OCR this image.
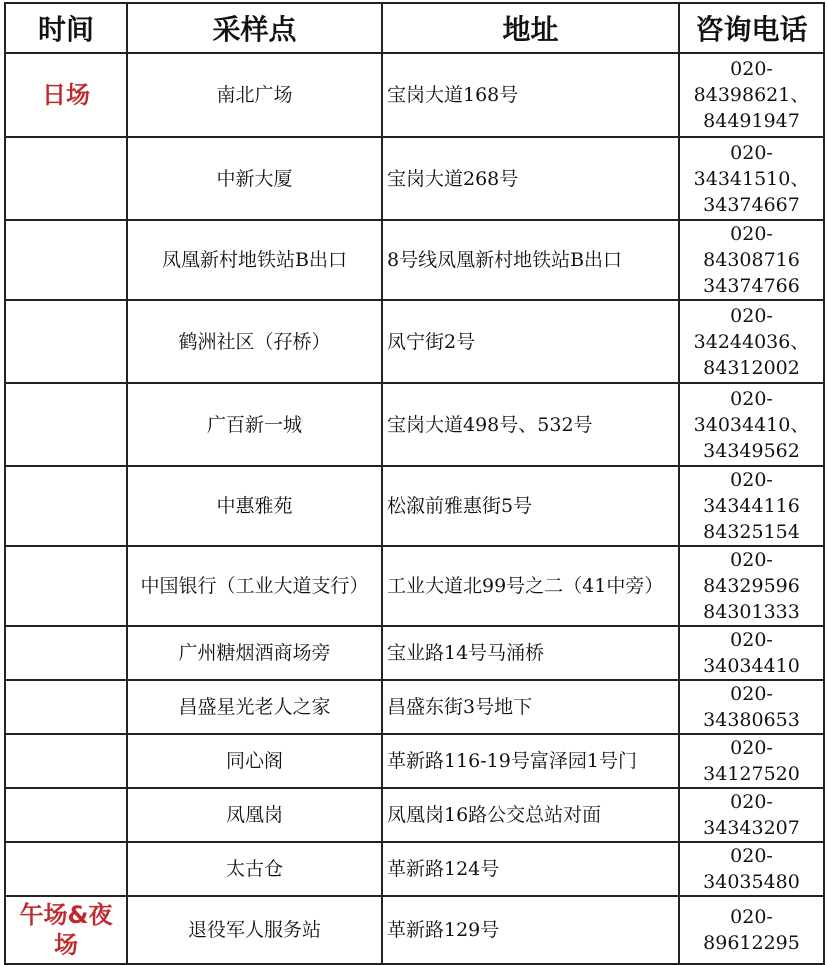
时间	采样点	地址	咨询电话
日场	南北广场	宝岗大道168号	020-
84398621、
84491947

	中新大厦	宝岗大道268号	020-
34341510、
34374667

	凤凰新村地铁站B出口	8号线凤凰新村地铁站B出口	020-84308716
34374766

	鹤洲社区（孖桥）	凤宁街2号	020-
34244036、
84312002

	广百新一城	宝岗大道498号、532号	020-
34034410、
34349562

	中惠雅苑	松溆前雅惠街5号	020-34344116
84325154

	中国银行（工业大道支行）	工业大道北99号之二（41中旁）	020-84329596
84301333

	广州糖烟酒商场旁	宝业路14号马涌桥	020-34034410

	昌盛星光老人之家	昌盛东街3号地下	020-34380653

	同心阁	革新路116-19号富泽园1号门	020-34127520

	凤凰岗	凤凰岗16路公交总站对面	020-34343207

	太古仓	革新路124号	020-34035480

午场&夜场	退役军人服务站	革新路129号	020-89612295
